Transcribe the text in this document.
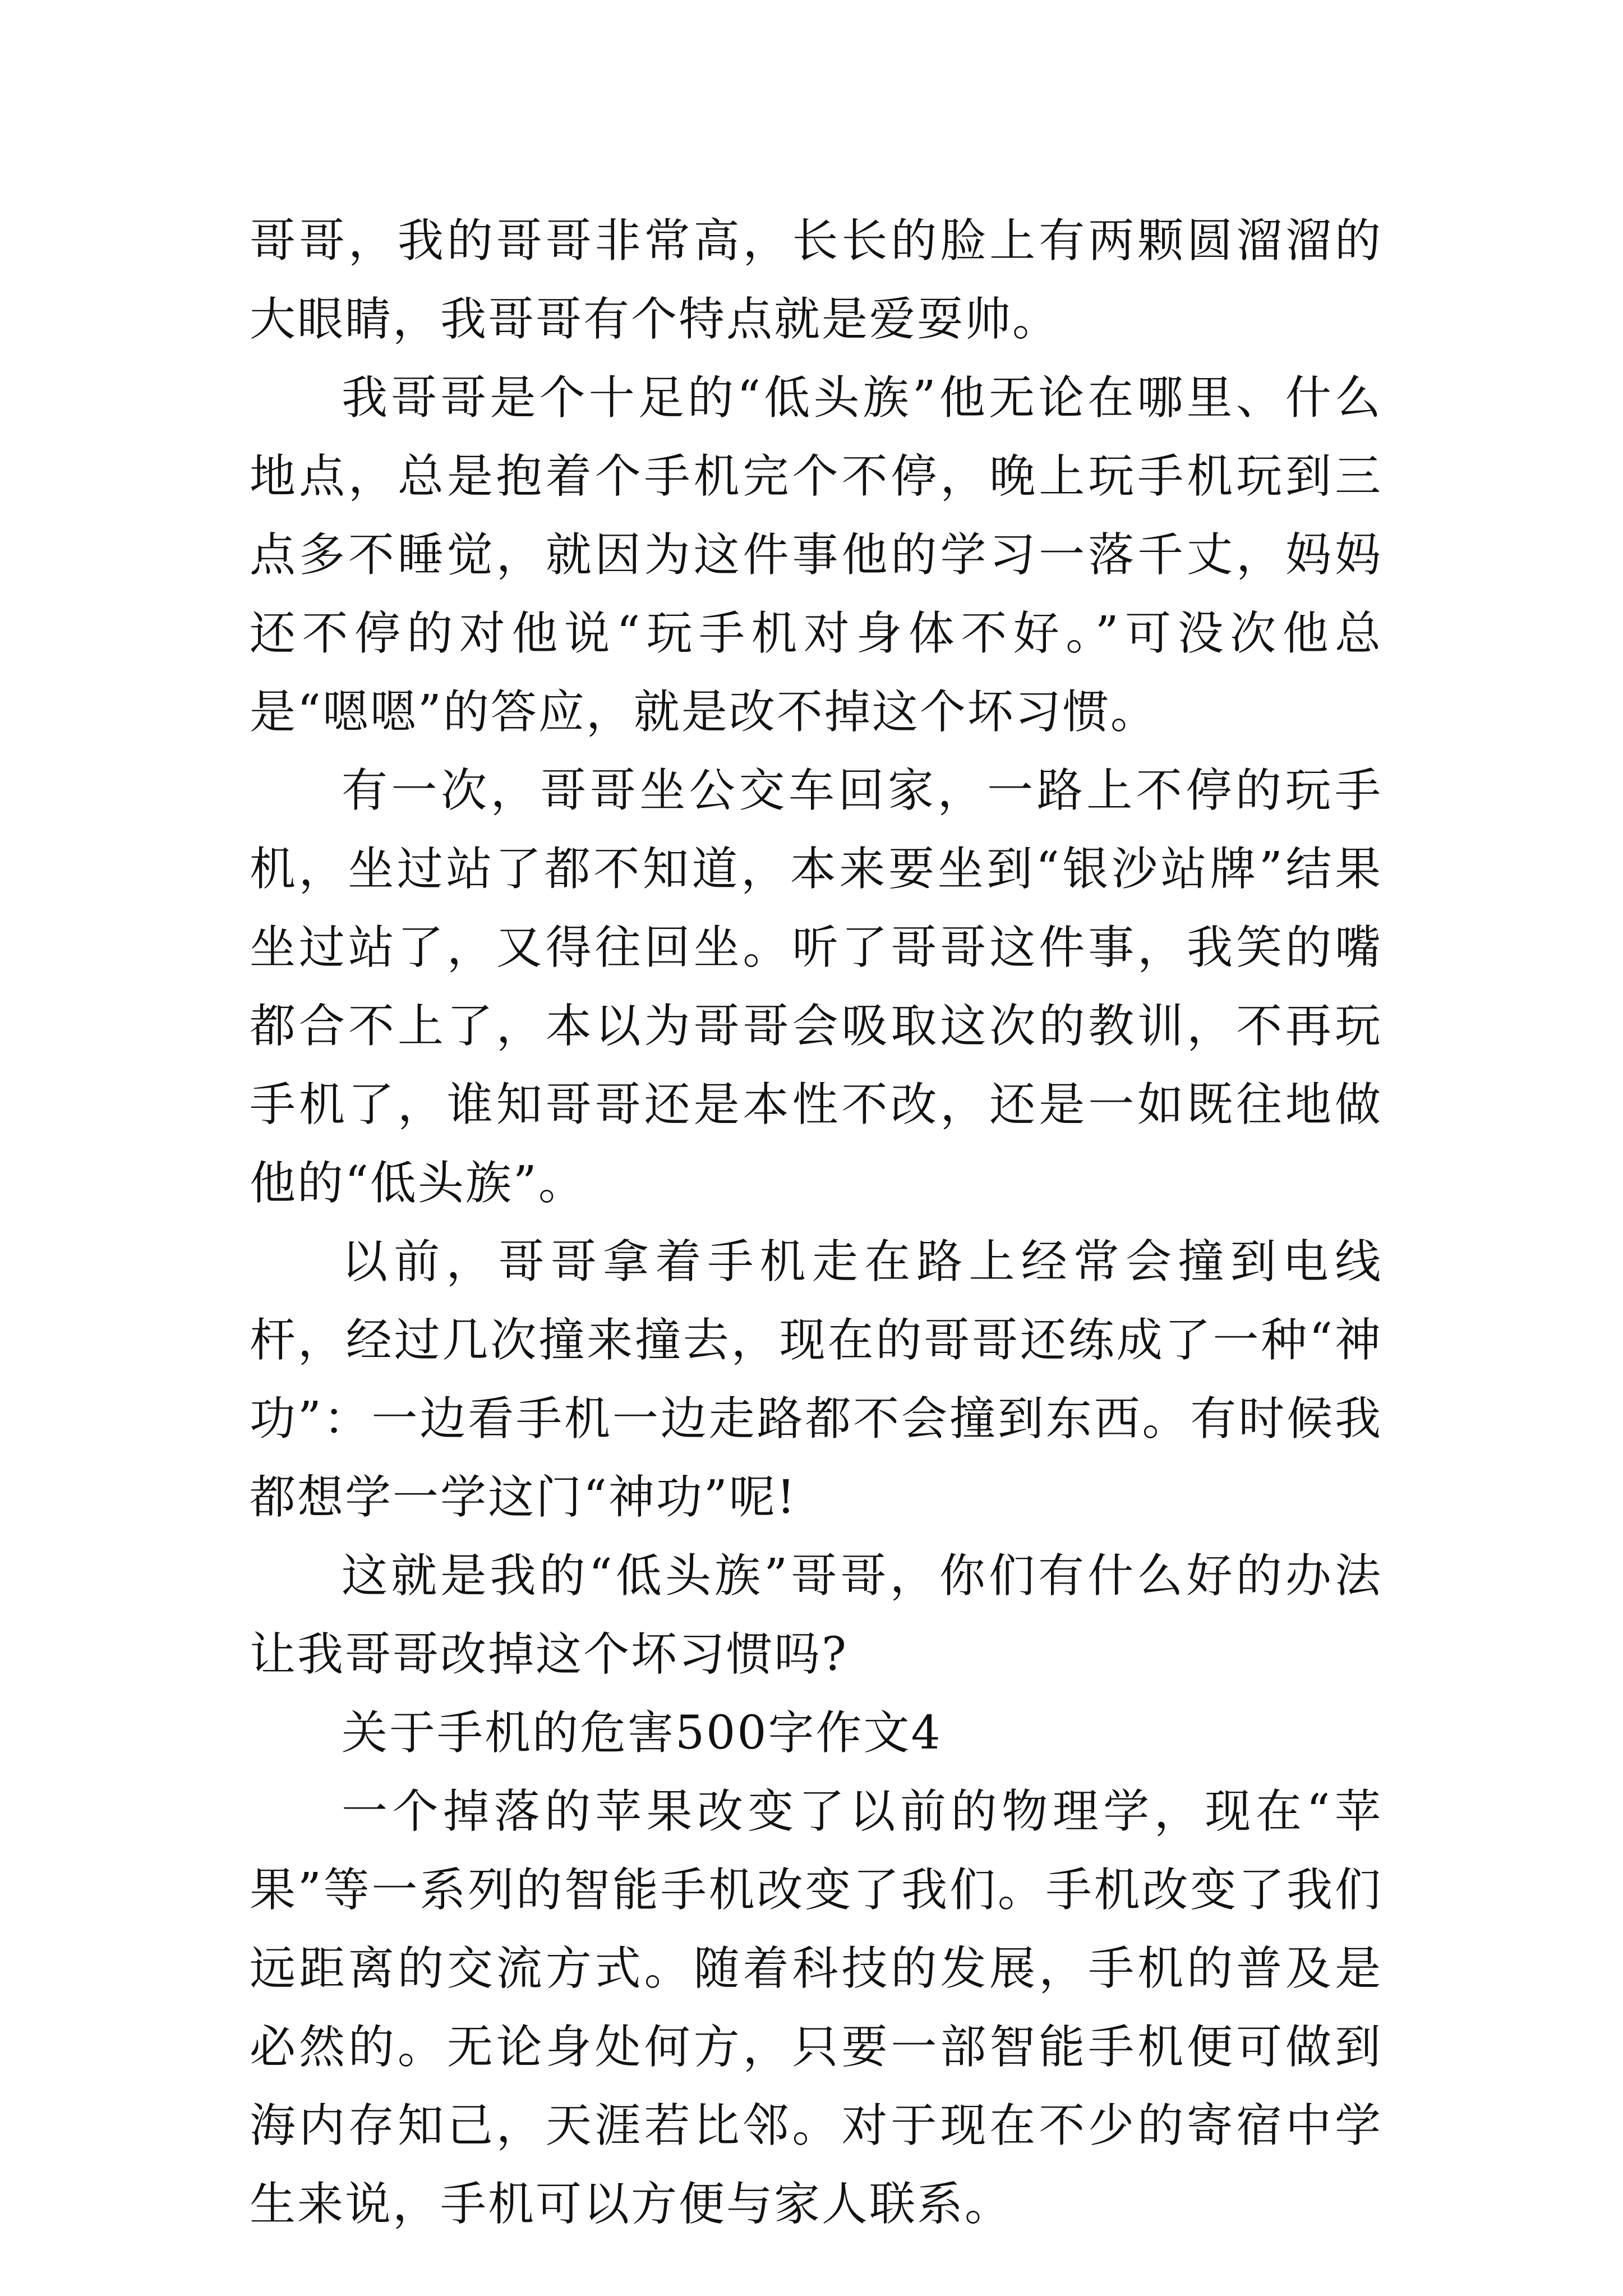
哥哥，我的哥哥非常高，长长的脸上有两颗圆溜溜的大眼睛，我哥哥有个特点就是爱耍帅。

我哥哥是个十足的“低头族”他无论在哪里、什么地点，总是抱着个手机完个不停，晚上玩手机玩到三点多不睡觉，就因为这件事他的学习一落千丈，妈妈还不停的对他说“玩手机对身体不好。”可没次他总是“嗯嗯”的答应，就是改不掉这个坏习惯。

有一次，哥哥坐公交车回家，一路上不停的玩手机，坐过站了都不知道，本来要坐到“银沙站牌”结果坐过站了，又得往回坐。听了哥哥这件事，我笑的嘴都合不上了，本以为哥哥会吸取这次的教训，不再玩手机了，谁知哥哥还是本性不改，还是一如既往地做他的“低头族”。

以前，哥哥拿着手机走在路上经常会撞到电线杆，经过几次撞来撞去，现在的哥哥还练成了一种“神功”：一边看手机一边走路都不会撞到东西。有时候我都想学一学这门“神功”呢!

这就是我的“低头族”哥哥，你们有什么好的办法让我哥哥改掉这个坏习惯吗?

关于手机的危害500字作文4

一个掉落的苹果改变了以前的物理学，现在“苹果”等一系列的智能手机改变了我们。手机改变了我们远距离的交流方式。随着科技的发展，手机的普及是必然的。无论身处何方，只要一部智能手机便可做到海内存知己，天涯若比邻。对于现在不少的寄宿中学生来说，手机可以方便与家人联系。
